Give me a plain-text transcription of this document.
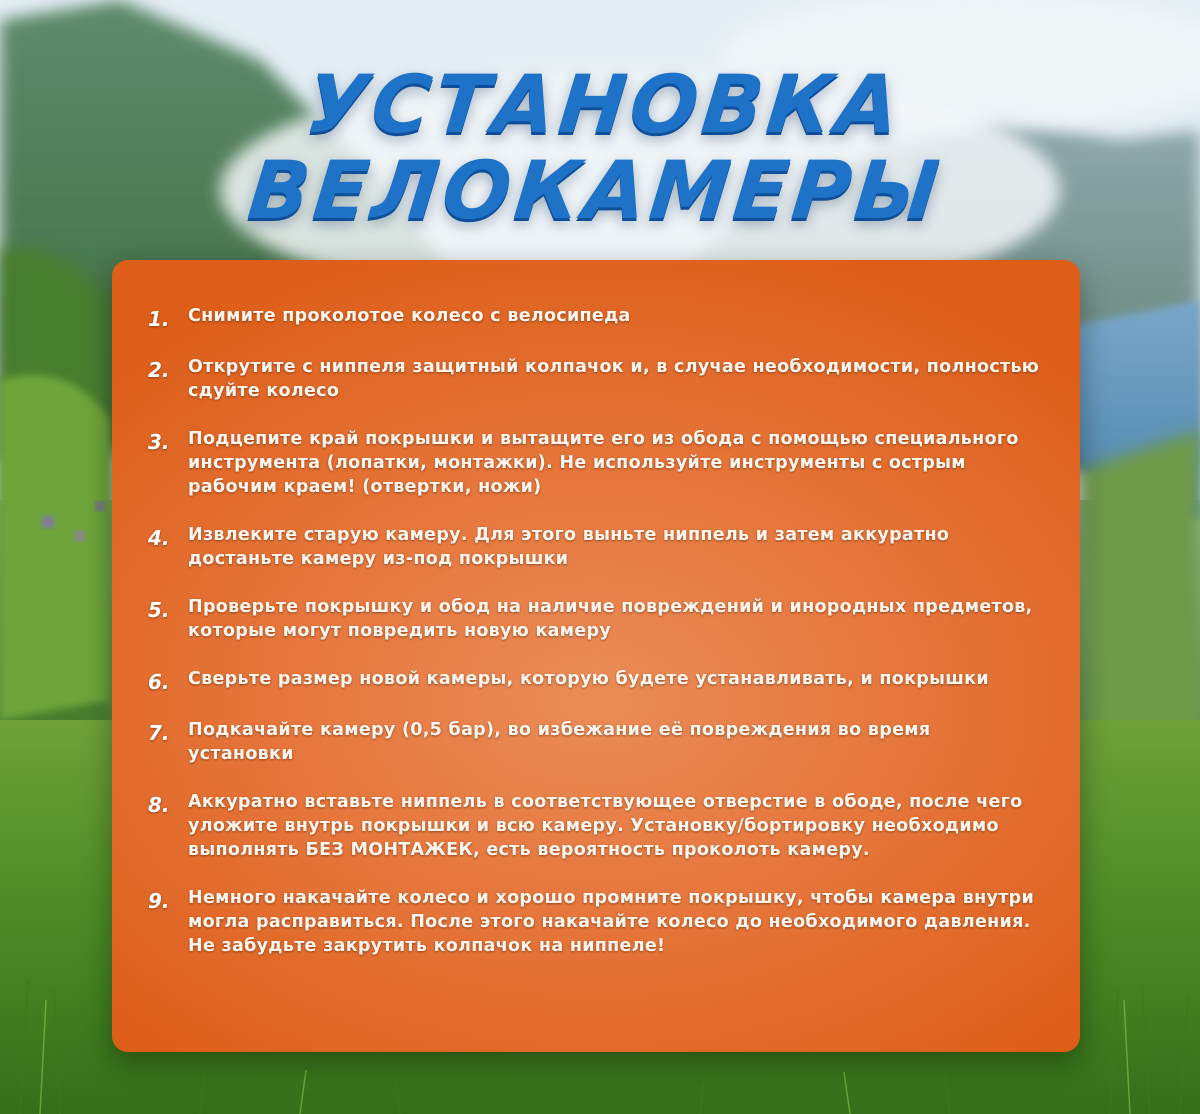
УСТАНОВКА
ВЕЛОКАМЕРЫ
1.	Снимите проколотое колесо с велосипеда
2.	Открутите с ниппеля защитный колпачок и, в случае необходимости, полностью сдуйте колесо
3.	Подцепите край покрышки и вытащите его из обода с помощью специального инструмента (лопатки, монтажки). Не используйте инструменты с острым рабочим краем! (отвертки, ножи)
4.	Извлеките старую камеру. Для этого выньте ниппель и затем аккуратно достаньте камеру из-под покрышки
5.	Проверьте покрышку и обод на наличие повреждений и инородных предметов, которые могут повредить новую камеру
6.	Сверьте размер новой камеры, которую будете устанавливать, и покрышки
7.	Подкачайте камеру (0,5 бар), во избежание её повреждения во время установки
8.	Аккуратно вставьте ниппель в соответствующее отверстие в ободе, после чего уложите внутрь покрышки и всю камеру. Установку/бортировку необходимо выполнять БЕЗ МОНТАЖЕК, есть вероятность проколоть камеру.
9.	Немного накачайте колесо и хорошо промните покрышку, чтобы камера внутри могла расправиться. После этого накачайте колесо до необходимого давления. Не забудьте закрутить колпачок на ниппеле!
